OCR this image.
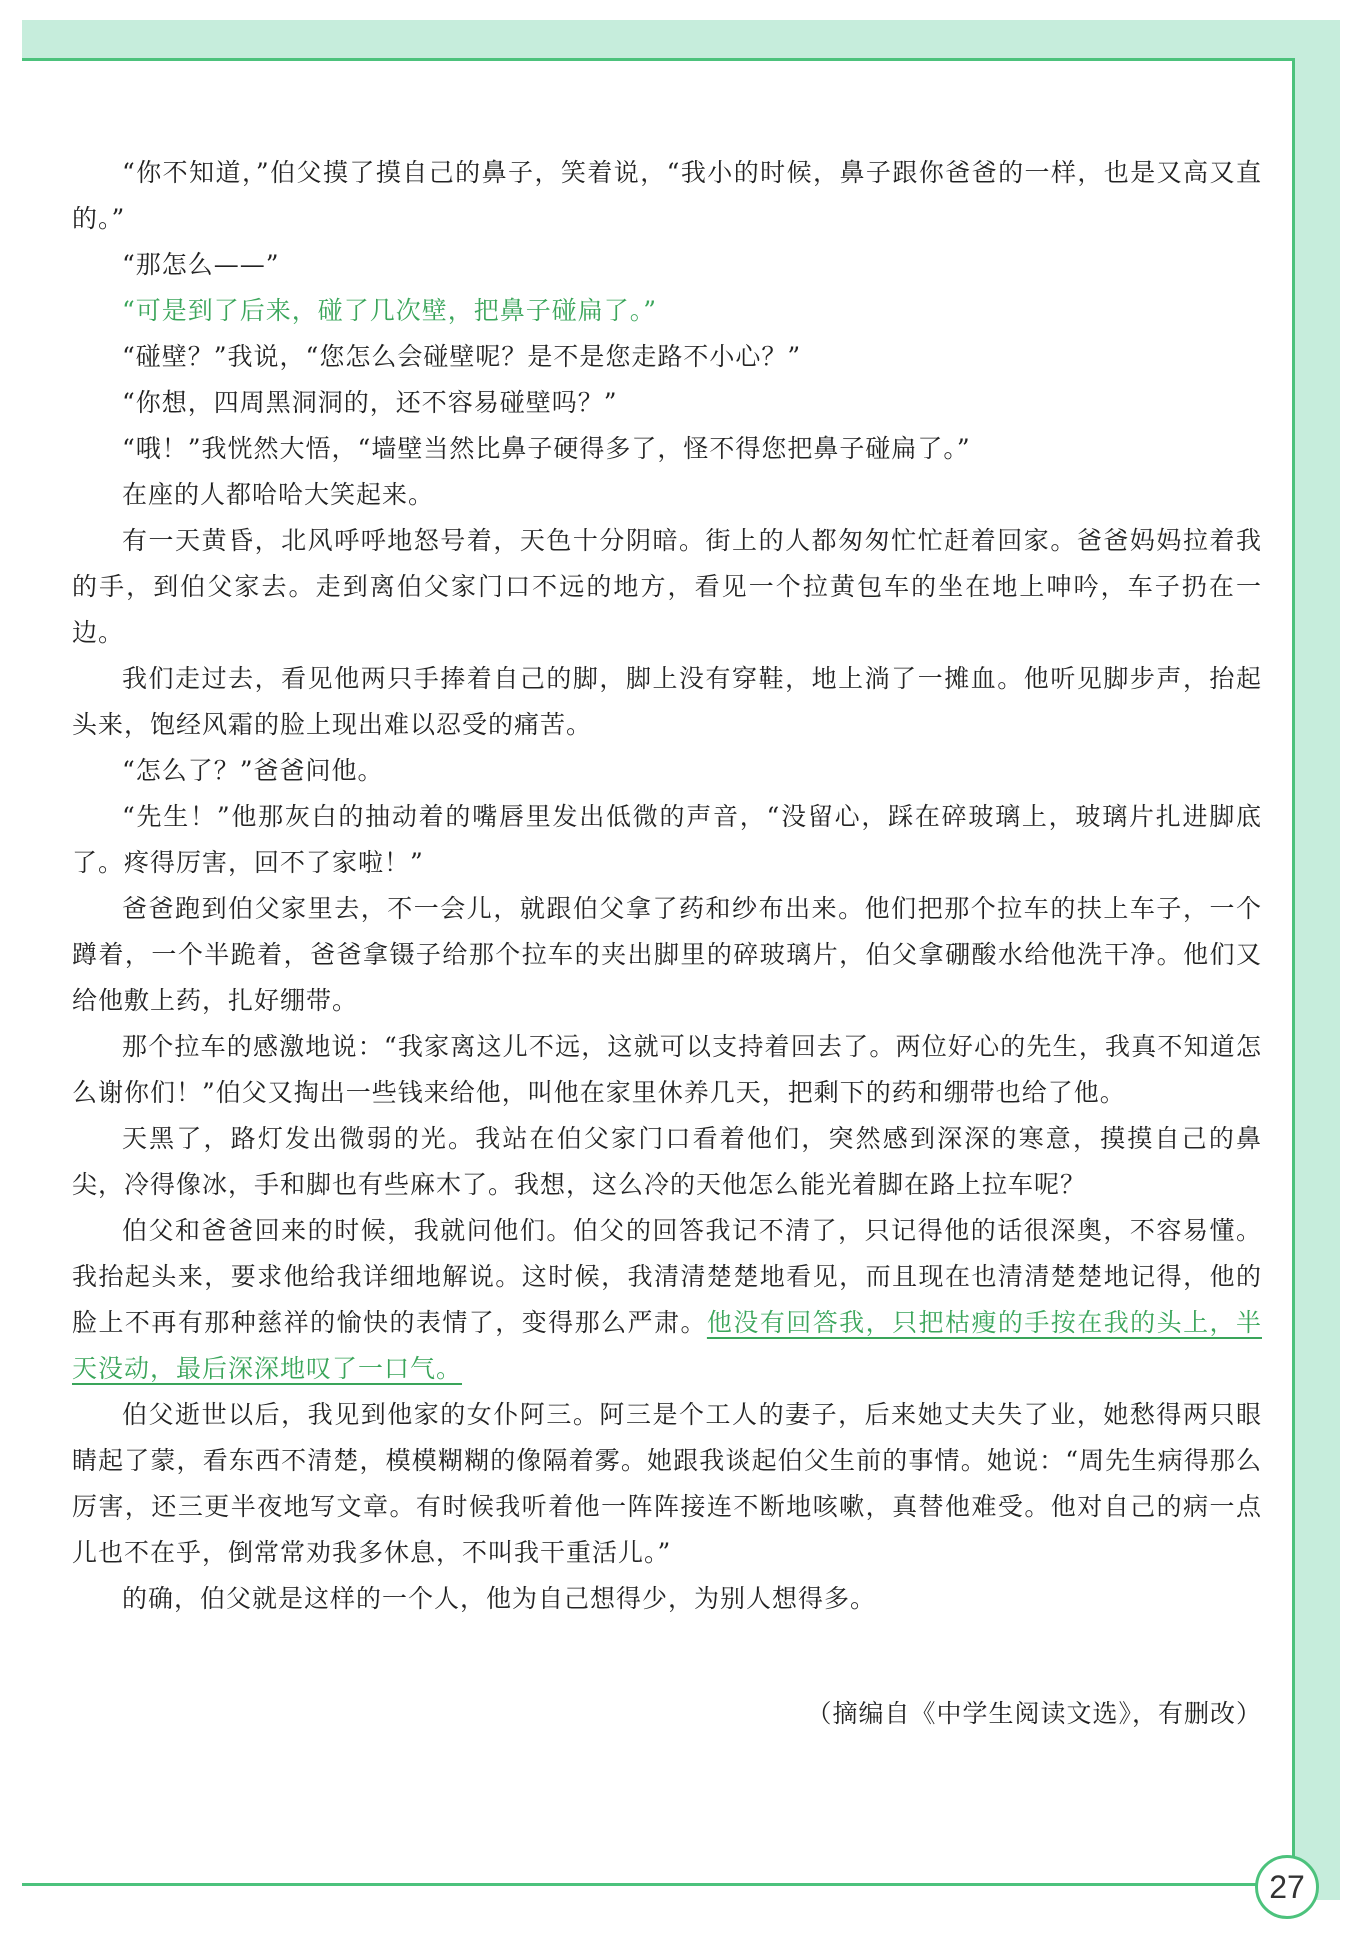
“你不知道，”伯父摸了摸自己的鼻子，笑着说，“我小的时候，鼻子跟你爸爸的一样，也是又高又直的。”

“那怎么——”

“可是到了后来，碰了几次壁，把鼻子碰扁了。”

“碰壁？”我说，“您怎么会碰壁呢？是不是您走路不小心？”

“你想，四周黑洞洞的，还不容易碰壁吗？”

“哦！”我恍然大悟，“墙壁当然比鼻子硬得多了，怪不得您把鼻子碰扁了。”

在座的人都哈哈大笑起来。

有一天黄昏，北风呼呼地怒号着，天色十分阴暗。街上的人都匆匆忙忙赶着回家。爸爸妈妈拉着我的手，到伯父家去。走到离伯父家门口不远的地方，看见一个拉黄包车的坐在地上呻吟，车子扔在一边。

我们走过去，看见他两只手捧着自己的脚，脚上没有穿鞋，地上淌了一摊血。他听见脚步声，抬起头来，饱经风霜的脸上现出难以忍受的痛苦。

“怎么了？”爸爸问他。

“先生！”他那灰白的抽动着的嘴唇里发出低微的声音，“没留心，踩在碎玻璃上，玻璃片扎进脚底了。疼得厉害，回不了家啦！”

爸爸跑到伯父家里去，不一会儿，就跟伯父拿了药和纱布出来。他们把那个拉车的扶上车子，一个蹲着，一个半跪着，爸爸拿镊子给那个拉车的夹出脚里的碎玻璃片，伯父拿硼酸水给他洗干净。他们又给他敷上药，扎好绷带。

那个拉车的感激地说：“我家离这儿不远，这就可以支持着回去了。两位好心的先生，我真不知道怎么谢你们！”伯父又掏出一些钱来给他，叫他在家里休养几天，把剩下的药和绷带也给了他。

天黑了，路灯发出微弱的光。我站在伯父家门口看着他们，突然感到深深的寒意，摸摸自己的鼻尖，冷得像冰，手和脚也有些麻木了。我想，这么冷的天他怎么能光着脚在路上拉车呢？

伯父和爸爸回来的时候，我就问他们。伯父的回答我记不清了，只记得他的话很深奥，不容易懂。我抬起头来，要求他给我详细地解说。这时候，我清清楚楚地看见，而且现在也清清楚楚地记得，他的脸上不再有那种慈祥的愉快的表情了，变得那么严肃。他没有回答我，只把枯瘦的手按在我的头上，半天没动，最后深深地叹了一口气。

伯父逝世以后，我见到他家的女仆阿三。阿三是个工人的妻子，后来她丈夫失了业，她愁得两只眼睛起了蒙，看东西不清楚，模模糊糊的像隔着雾。她跟我谈起伯父生前的事情。她说：“周先生病得那么厉害，还三更半夜地写文章。有时候我听着他一阵阵接连不断地咳嗽，真替他难受。他对自己的病一点儿也不在乎，倒常常劝我多休息，不叫我干重活儿。”

的确，伯父就是这样的一个人，他为自己想得少，为别人想得多。

（摘编自《中学生阅读文选》，有删改）
27
